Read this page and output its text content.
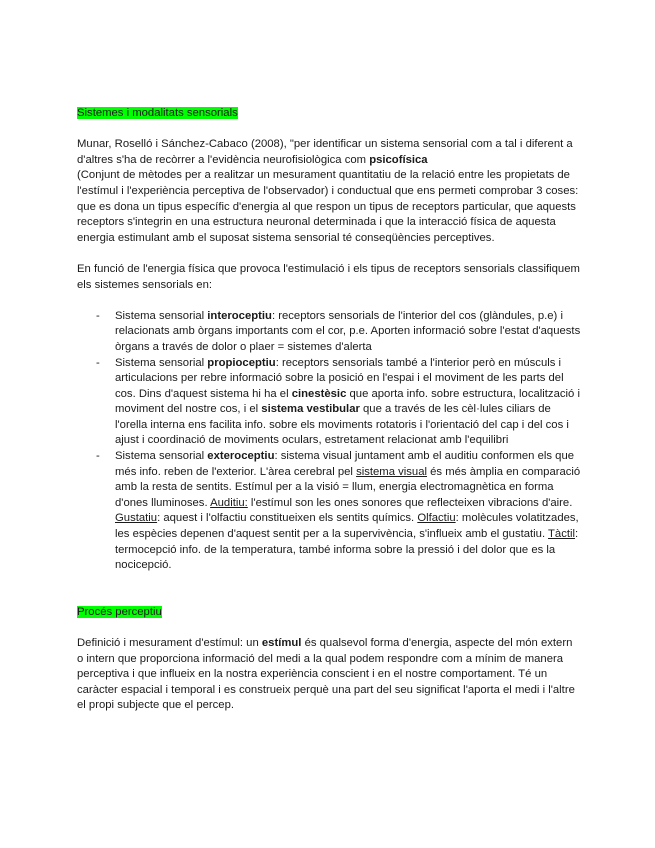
Sistemes i modalitats sensorials

Munar, Roselló i Sánchez-Cabaco (2008), "per identificar un sistema sensorial com a tal i diferent a d'altres s'ha de recòrrer a l'evidència neurofisiològica com psicofísica
(Conjunt de mètodes per a realitzar un mesurament quantitatiu de la relació entre les propietats de l'estímul i l'experiència perceptiva de l'observador) i conductual que ens permeti comprobar 3 coses: que es dona un tipus específic d'energia al que respon un tipus de receptors particular, que aquests receptors s'integrin en una estructura neuronal determinada i que la interacció física de aquesta energia estimulant amb el suposat sistema sensorial té conseqüències perceptives.

En funció de l'energia física que provoca l'estimulació i els tipus de receptors sensorials classifiquem els sistemes sensorials en:

- Sistema sensorial interoceptiu: receptors sensorials de l'interior del cos (glàndules, p.e) i relacionats amb òrgans importants com el cor, p.e. Aporten informació sobre l'estat d'aquests òrgans a través de dolor o plaer = sistemes d'alerta
- Sistema sensorial propioceptiu: receptors sensorials també a l'interior però en músculs i articulacions per rebre informació sobre la posició en l'espai i el moviment de les parts del cos. Dins d'aquest sistema hi ha el cinestèsic que aporta info. sobre estructura, localització i moviment del nostre cos, i el sistema vestibular que a través de les cèl·lules ciliars de l'orella interna ens facilita info. sobre els moviments rotatoris i l'orientació del cap i del cos i ajust i coordinació de moviments oculars, estretament relacionat amb l'equilibri
- Sistema sensorial exteroceptiu: sistema visual juntament amb el auditiu conformen els que més info. reben de l'exterior. L'àrea cerebral pel sistema visual és més àmplia en comparació amb la resta de sentits. Estímul per a la visió = llum, energia electromagnètica en forma d'ones lluminoses. Auditiu: l'estímul son les ones sonores que reflecteixen vibracions d'aire. Gustatiu: aquest i l'olfactiu constitueixen els sentits químics. Olfactiu: molècules volatitzades, les espècies depenen d'aquest sentit per a la supervivència, s'influeix amb el gustatiu. Tàctil: termocepció info. de la temperatura, també informa sobre la pressió i del dolor que es la nocicepció.

Procés perceptiu

Definició i mesurament d'estímul: un estímul és qualsevol forma d'energia, aspecte del món extern o intern que proporciona informació del medi a la qual podem respondre com a mínim de manera perceptiva i que influeix en la nostra experiència conscient i en el nostre comportament. Té un caràcter espacial i temporal i es construeix perquè una part del seu significat l'aporta el medi i l'altre el propi subjecte que el percep.
